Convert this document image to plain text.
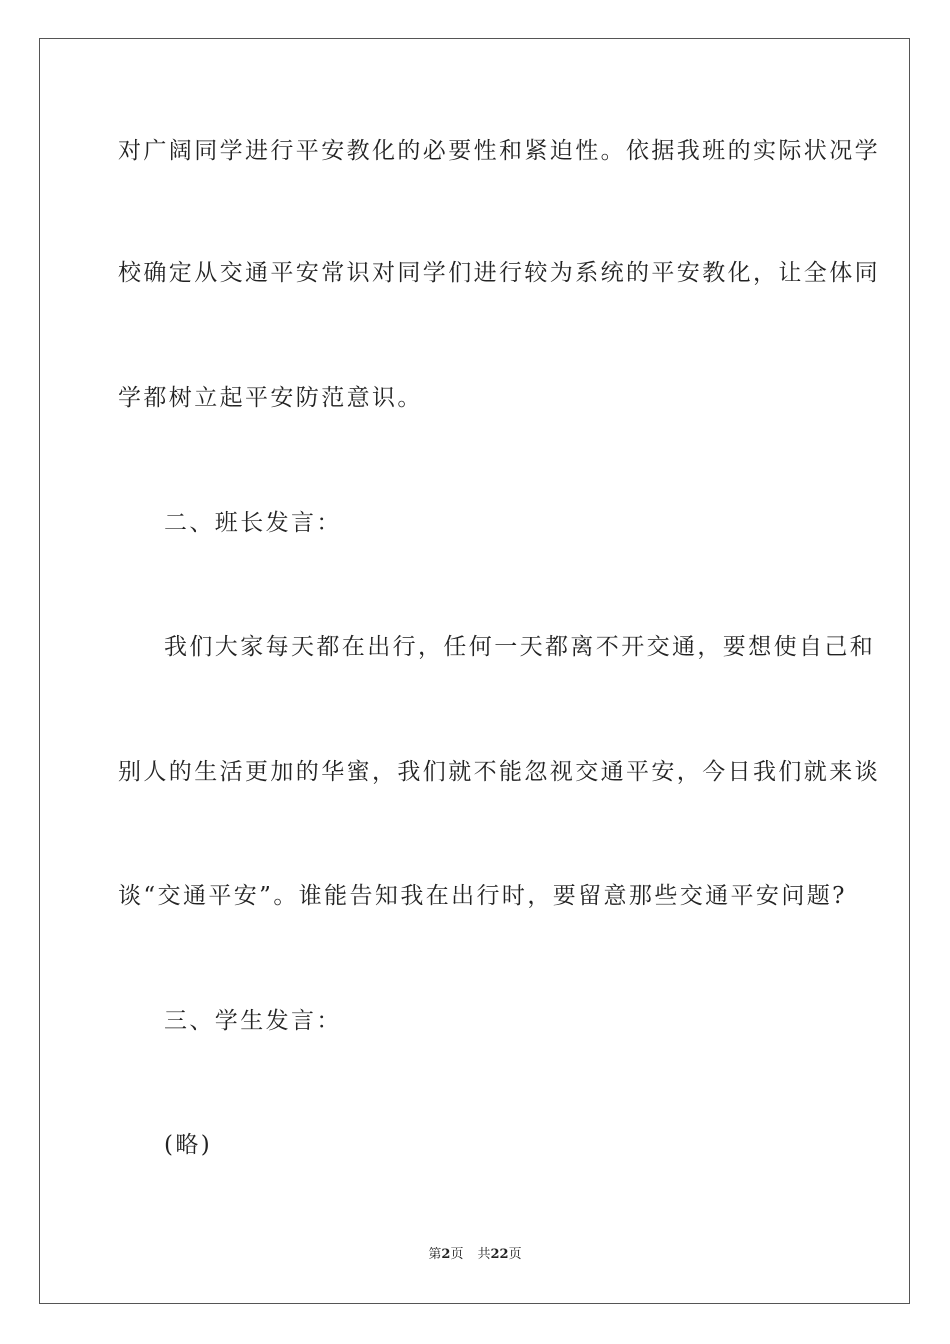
对广阔同学进行平安教化的必要性和紧迫性。依据我班的实际状况学
校确定从交通平安常识对同学们进行较为系统的平安教化，让全体同
学都树立起平安防范意识。
二、班长发言：
我们大家每天都在出行，任何一天都离不开交通，要想使自己和
别人的生活更加的华蜜，我们就不能忽视交通平安，今日我们就来谈
谈“交通平安”。谁能告知我在出行时，要留意那些交通平安问题?
三、学生发言：
(略)
第2页 共22页
